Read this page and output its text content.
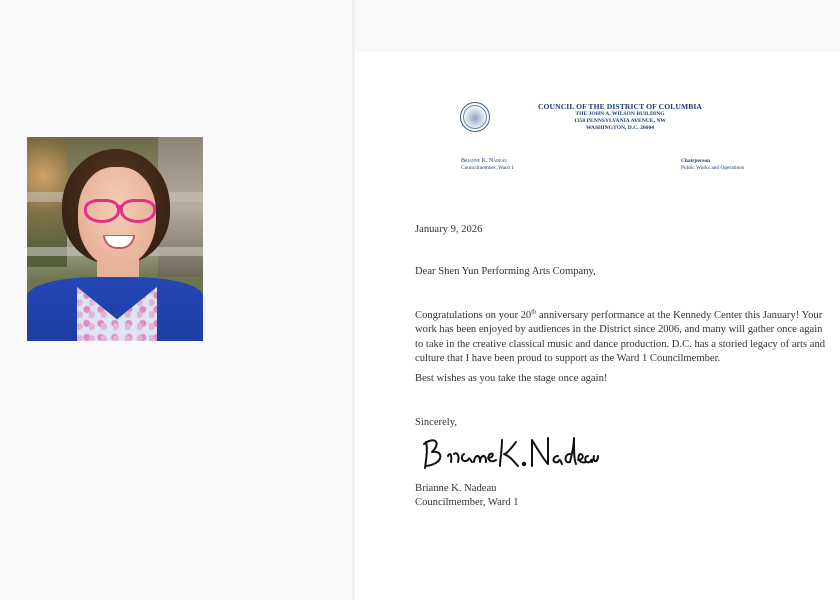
COUNCIL OF THE DISTRICT OF COLUMBIA
THE JOHN A. WILSON BUILDING
1350 PENNSYLVANIA AVENUE, NW
WASHINGTON, D.C. 20004
Brianne K. Nadeau
Councilmember, Ward 1
Chairperson
Public Works and Operations
January 9, 2026
Dear Shen Yun Performing Arts Company,
Congratulations on your 20th anniversary performance at the Kennedy Center this January! Your work has been enjoyed by audiences in the District since 2006, and many will gather once again to take in the creative classical music and dance production. D.C. has a storied legacy of arts and culture that I have been proud to support as the Ward 1 Councilmember.
Best wishes as you take the stage once again!
Sincerely,
Brianne K. Nadeau
Councilmember, Ward 1
